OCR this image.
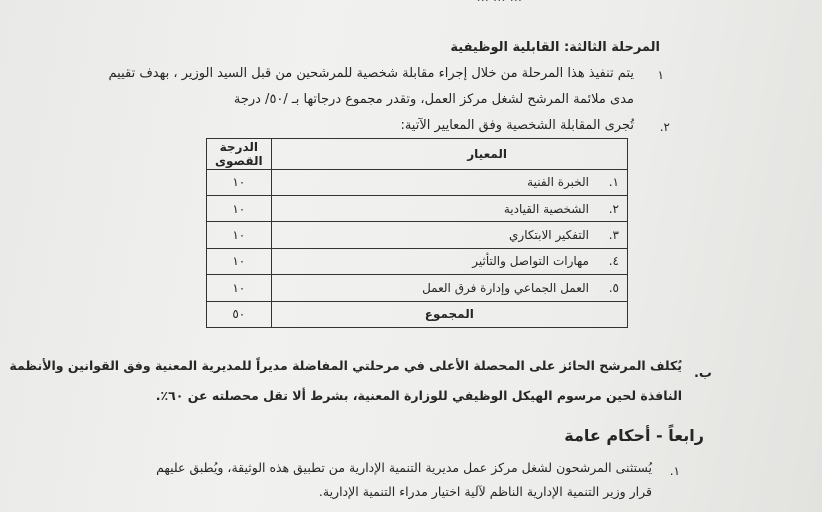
المرحلة الثالثة: القابلية الوظيفية
١
يتم تنفيذ هذا المرحلة من خلال إجراء مقابلة شخصية للمرشحين من قبل السيد الوزير ، بهدف تقييم
مدى ملائمة المرشح لشغل مركز العمل، وتقدر مجموع درجاتها بـ /٥٠/ درجة
٢.
تُجرى المقابلة الشخصية وفق المعايير الآتية:
المعيار	الدرجة القصوى
١.الخبرة الفنية	١٠
٢.الشخصية القيادية	١٠
٣.التفكير الابتكاري	١٠
٤.مهارات التواصل والتأثير	١٠
٥.العمل الجماعي وإدارة فرق العمل	١٠
المجموع	٥٠
ب.
يُكلف المرشح الحائز على المحصلة الأعلى في مرحلتي المفاضلة مديراً للمديرية المعنية وفق القوانين والأنظمة
النافذة لحين مرسوم الهيكل الوظيفي للوزارة المعنية، بشرط ألا تقل محصلته عن ٦٠٪.
رابعاً - أحكام عامة
١.
يُستثنى المرشحون لشغل مركز عمل مديرية التنمية الإدارية من تطبيق هذه الوثيقة، ويُطبق عليهم
قرار وزير التنمية الإدارية الناظم لآلية اختيار مدراء التنمية الإدارية.
